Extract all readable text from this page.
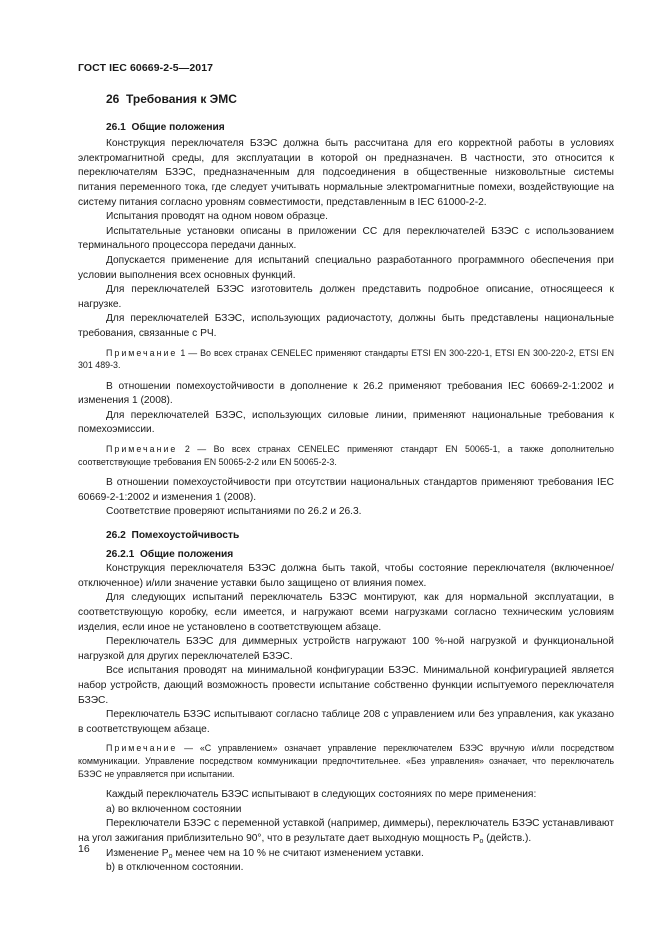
ГОСТ IEC 60669-2-5—2017

26 Требования к ЭМС

26.1 Общие положения

Конструкция переключателя БЗЭС должна быть рассчитана для его корректной работы в условиях электромагнитной среды, для эксплуатации в которой он предназначен. В частности, это относится к переключателям БЗЭС, предназначенным для подсоединения в общественные низковольтные системы питания переменного тока, где следует учитывать нормальные электромагнитные помехи, воздействующие на систему питания согласно уровням совместимости, представленным в IEC 61000-2-2.

Испытания проводят на одном новом образце.

Испытательные установки описаны в приложении CC для переключателей БЗЭС с использованием терминального процессора передачи данных.

Допускается применение для испытаний специально разработанного программного обеспечения при условии выполнения всех основных функций.

Для переключателей БЗЭС изготовитель должен представить подробное описание, относящееся к нагрузке.

Для переключателей БЗЭС, использующих радиочастоту, должны быть представлены национальные требования, связанные с РЧ.

Примечание 1 — Во всех странах CENELEC применяют стандарты ETSI EN 300-220-1, ETSI EN 300-220-2, ETSI EN 301 489-3.

В отношении помехоустойчивости в дополнение к 26.2 применяют требования IEC 60669-2-1:2002 и изменения 1 (2008).

Для переключателей БЗЭС, использующих силовые линии, применяют национальные требования к помехоэмиссии.

Примечание 2 — Во всех странах CENELEC применяют стандарт EN 50065-1, а также дополнительно соответствующие требования EN 50065-2-2 или EN 50065-2-3.

В отношении помехоустойчивости при отсутствии национальных стандартов применяют требования IEC 60669-2-1:2002 и изменения 1 (2008).

Соответствие проверяют испытаниями по 26.2 и 26.3.

26.2 Помехоустойчивость

26.2.1 Общие положения

Конструкция переключателя БЗЭС должна быть такой, чтобы состояние переключателя (включенное/отключенное) и/или значение уставки было защищено от влияния помех.

Для следующих испытаний переключатель БЗЭС монтируют, как для нормальной эксплуатации, в соответствующую коробку, если имеется, и нагружают всеми нагрузками согласно техническим условиям изделия, если иное не установлено в соответствующем абзаце.

Переключатель БЗЭС для диммерных устройств нагружают 100 %-ной нагрузкой и функциональной нагрузкой для других переключателей БЗЭС.

Все испытания проводят на минимальной конфигурации БЗЭС. Минимальной конфигурацией является набор устройств, дающий возможность провести испытание собственно функции испытуемого переключателя БЗЭС.

Переключатель БЗЭС испытывают согласно таблице 208 с управлением или без управления, как указано в соответствующем абзаце.

Примечание — «С управлением» означает управление переключателем БЗЭС вручную и/или посредством коммуникации. Управление посредством коммуникации предпочтительнее. «Без управления» означает, что переключатель БЗЭС не управляется при испытании.

Каждый переключатель БЗЭС испытывают в следующих состояниях по мере применения:

a) во включенном состоянии

Переключатели БЗЭС с переменной уставкой (например, диммеры), переключатель БЗЭС устанавливают на угол зажигания приблизительно 90°, что в результате дает выходную мощность $P_о$ (действ.).

Изменение $P_о$ менее чем на 10 % не считают изменением уставки.

b) в отключенном состоянии.

16
